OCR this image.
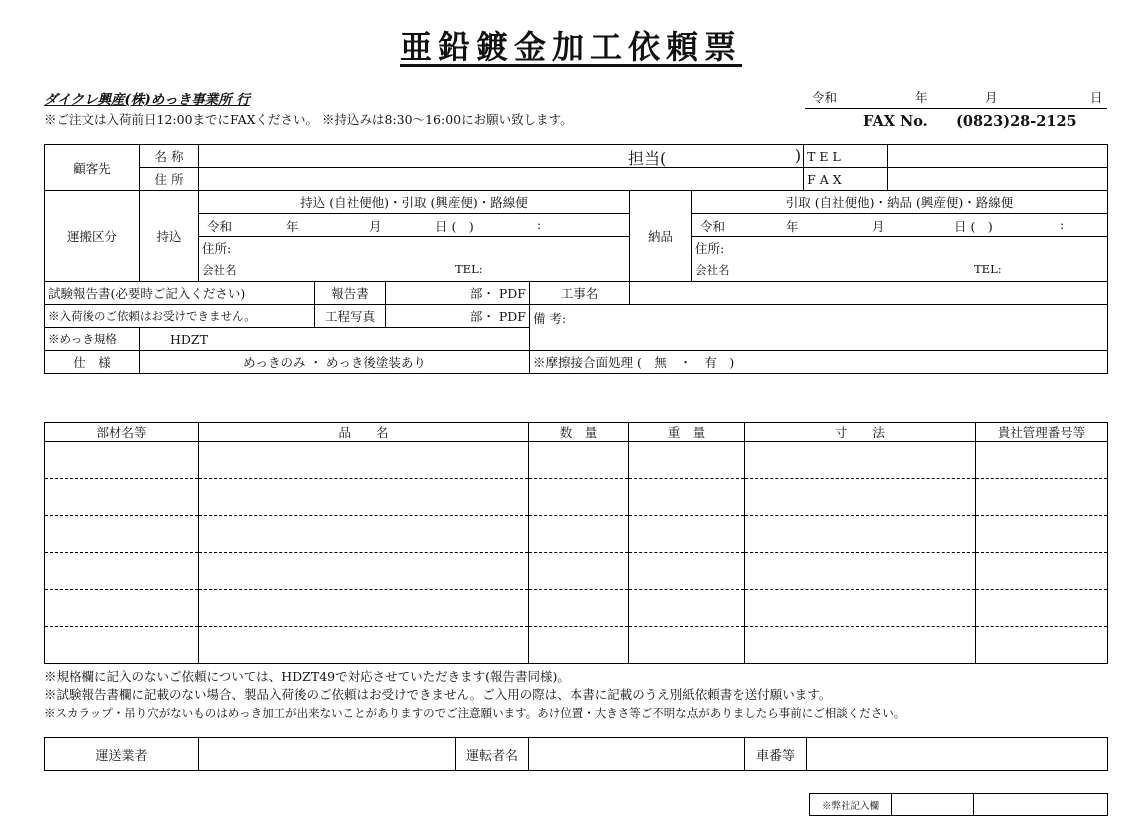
亜鉛鍍金加工依頼票
ダイクレ興産(株)めっき事業所 行
※ご注文は入荷前日12:00までにFAXください。 ※持込みは8:30〜16:00にお願い致します。
令和	年	月	日
FAX No. (0823)28-2125
顧客先	名 称	担当( )						T E L	
	住 所							F A X	
運搬区分	持込	持込 (自社便他)・引取 (興産便)・路線便				納品	引取 (自社便他)・納品 (興産便)・路線便		

		令和 年 月 日 (　) :					令和 年 月 日 (　) :		

		住所:					住所:		
		会社名 TEL:					会社名 TEL:		

試験報告書(必要時ご記入ください)			報告書	部・ PDF	工事名				
※入荷後のご依頼はお受けできません。			工程写真	部・ PDF	備 考:				
※めっき規格	HDZT								
仕　様	めっきのみ ・ めっき後塗装あり				※摩擦接合面処理 (　無　・　有　)				
部材名等	品　　名	数　量	重　量	寸　　法	貴社管理番号等

※規格欄に記入のないご依頼については、HDZT49で対応させていただきます(報告書同様)。
※試験報告書欄に記載のない場合、製品入荷後のご依頼はお受けできません。ご入用の際は、本書に記載のうえ別紙依頼書を送付願います。
※スカラップ・吊り穴がないものはめっき加工が出来ないことがありますのでご注意願います。あけ位置・大きさ等ご不明な点がありましたら事前にご相談ください。
運送業者		運転者名		車番等	
※弊社記入欄		
